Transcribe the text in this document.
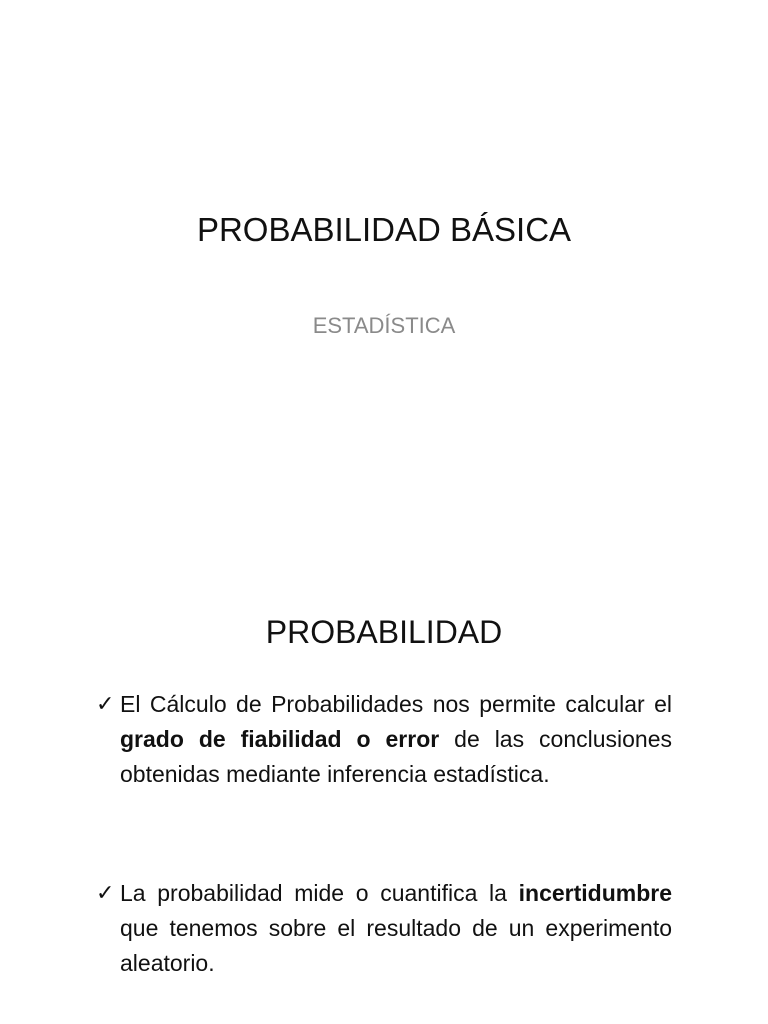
PROBABILIDAD BÁSICA
ESTADÍSTICA
PROBABILIDAD
✓ El Cálculo de Probabilidades nos permite calcular el grado de fiabilidad o error de las conclusiones obtenidas mediante inferencia estadística.

✓ La probabilidad mide o cuantifica la incertidumbre que tenemos sobre el resultado de un experimento aleatorio.
